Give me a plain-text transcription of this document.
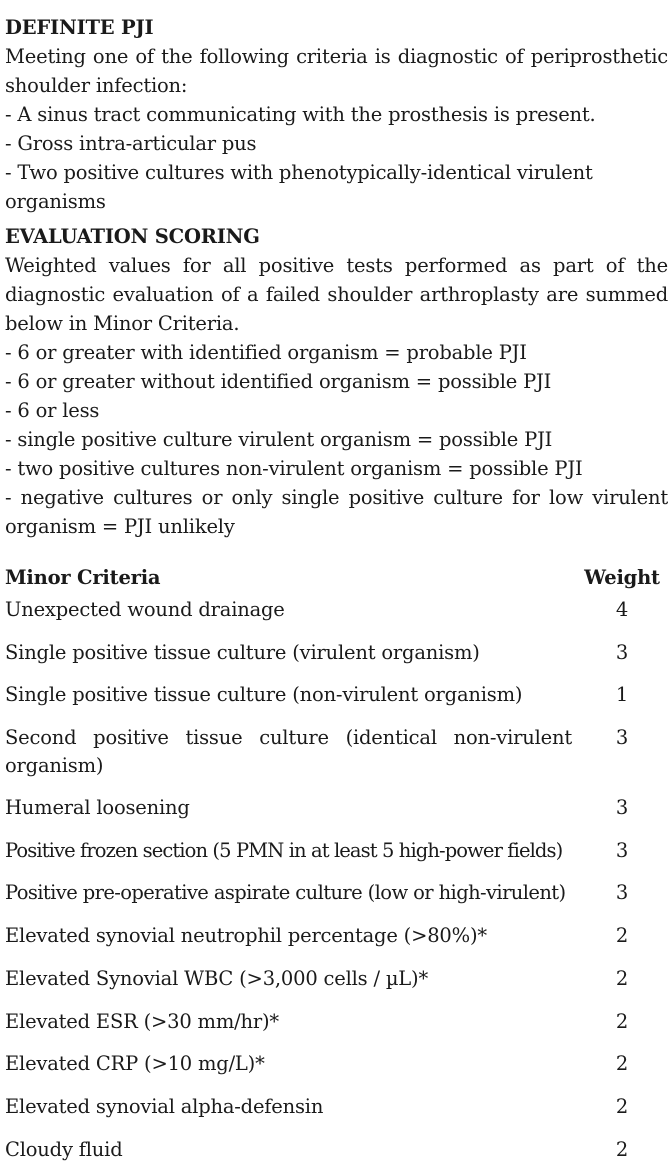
DEFINITE PJI

Meeting one of the following criteria is diagnostic of periprosthetic shoulder infection:

- A sinus tract communicating with the prosthesis is present.
- Gross intra-articular pus
- Two positive cultures with phenotypically-identical virulent organisms
EVALUATION SCORING

Weighted values for all positive tests performed as part of the diagnostic evaluation of a failed shoulder arthroplasty are summed below in Minor Criteria.

- 6 or greater with identified organism = probable PJI
- 6 or greater without identified organism = possible PJI
- 6 or less
- single positive culture virulent organism = possible PJI
- two positive cultures non-virulent organism = possible PJI
- negative cultures or only single positive culture for low virulent organism = PJI unlikely
Minor Criteria	Weight
Unexpected wound drainage	4
Single positive tissue culture (virulent organism)	3
Single positive tissue culture (non-virulent organism)	1
Second positive tissue culture (identical non-virulent organism)	3
Humeral loosening	3
Positive frozen section (5 PMN in at least 5 high-power fields)	3
Positive pre-operative aspirate culture (low or high-virulent)	3
Elevated synovial neutrophil percentage (>80%)*	2
Elevated Synovial WBC (>3,000 cells / µL)*	2
Elevated ESR (>30 mm/hr)*	2
Elevated CRP (>10 mg/L)*	2
Elevated synovial alpha-defensin	2
Cloudy fluid	2
